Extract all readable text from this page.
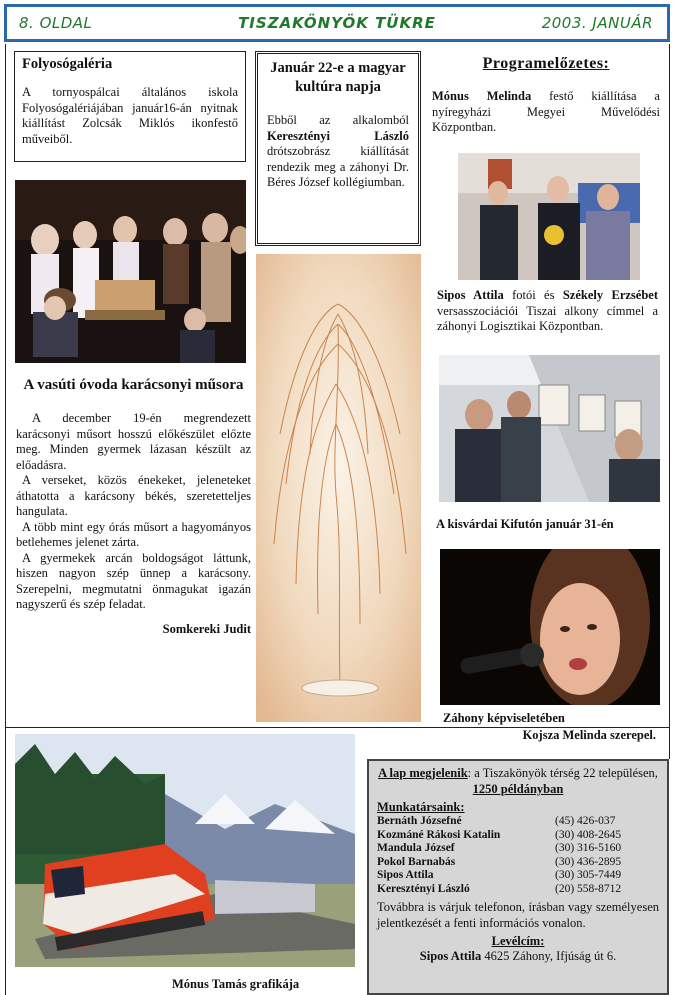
8. OLDAL	TISZAKÖNYÖK TÜKRE	2003. JANUÁR
Folyosógaléria

A tornyospálcai általános iskola Folyosógalériájában január16-án nyitnak kiállítást Zolcsák Miklós ikonfestő műveiből.

Január 22-e a magyar kultúra napja

Ebből az alkalomból Keresztényi László drótszobrász kiállítását rendezik meg a záhonyi Dr. Béres József kollégiumban.

A vasúti óvoda karácsonyi műsora

A december 19-én megrendezett karácsonyi műsort hosszú előkészület előzte meg. Minden gyermek lázasan készült az előadásra.

A verseket, közös énekeket, jeleneteket áthatotta a karácsony békés, szeretetteljes hangulata.

A több mint egy órás műsort a hagyományos betlehemes jelenet zárta.

A gyermekek arcán boldogságot láttunk, hiszen nagyon szép ünnep a karácsony. Szerepelni, megmutatni önmagukat igazán nagyszerű és szép feladat.

Somkereki Judit

Programelőzetes:

Mónus Melinda festő kiállítása a nyíregyházi Megyei Művelődési Központban.

Sipos Attila fotói és Székely Erzsébet versasszociációi Tiszai alkony címmel a záhonyi Logisztikai Központban.

A kisvárdai Kifutón január 31-én

Záhony képviseletében

Kojsza Melinda szerepel.

Mónus Tamás grafikája

A lap megjelenik: a Tiszakönyök térség 22 településen, 1250 példányban

Munkatársaink:

Bernáth Józsefné	(45) 426-037
Kozmáné Rákosi Katalin	(30) 408-2645
Mandula József	(30) 316-5160
Pokol Barnabás	(30) 436-2895
Sipos Attila	(30) 305-7449
Keresztényi László	(20) 558-8712

Továbbra is várjuk telefonon, írásban vagy személyesen jelentkezését a fenti információs vonalon.

Levélcím:

Sipos Attila 4625 Záhony, Ifjúság út 6.
